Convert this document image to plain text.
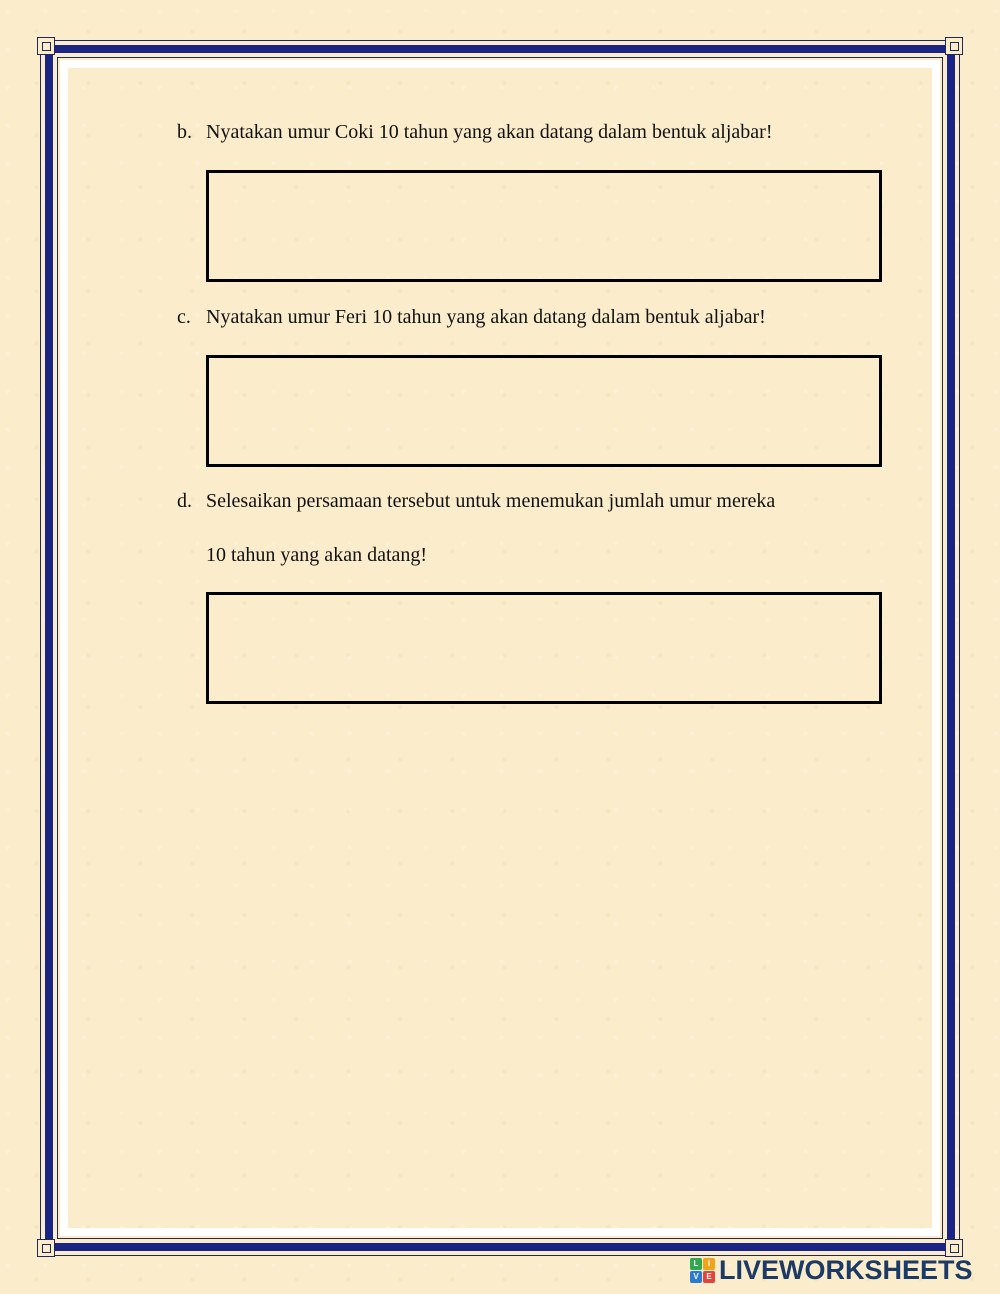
b. Nyatakan umur Coki 10 tahun yang akan datang dalam bentuk aljabar!
c. Nyatakan umur Feri 10 tahun yang akan datang dalam bentuk aljabar!
d. Selesaikan persamaan tersebut untuk menemukan jumlah umur mereka
10 tahun yang akan datang!
L	I
V E LIVEWORKSHEETS
